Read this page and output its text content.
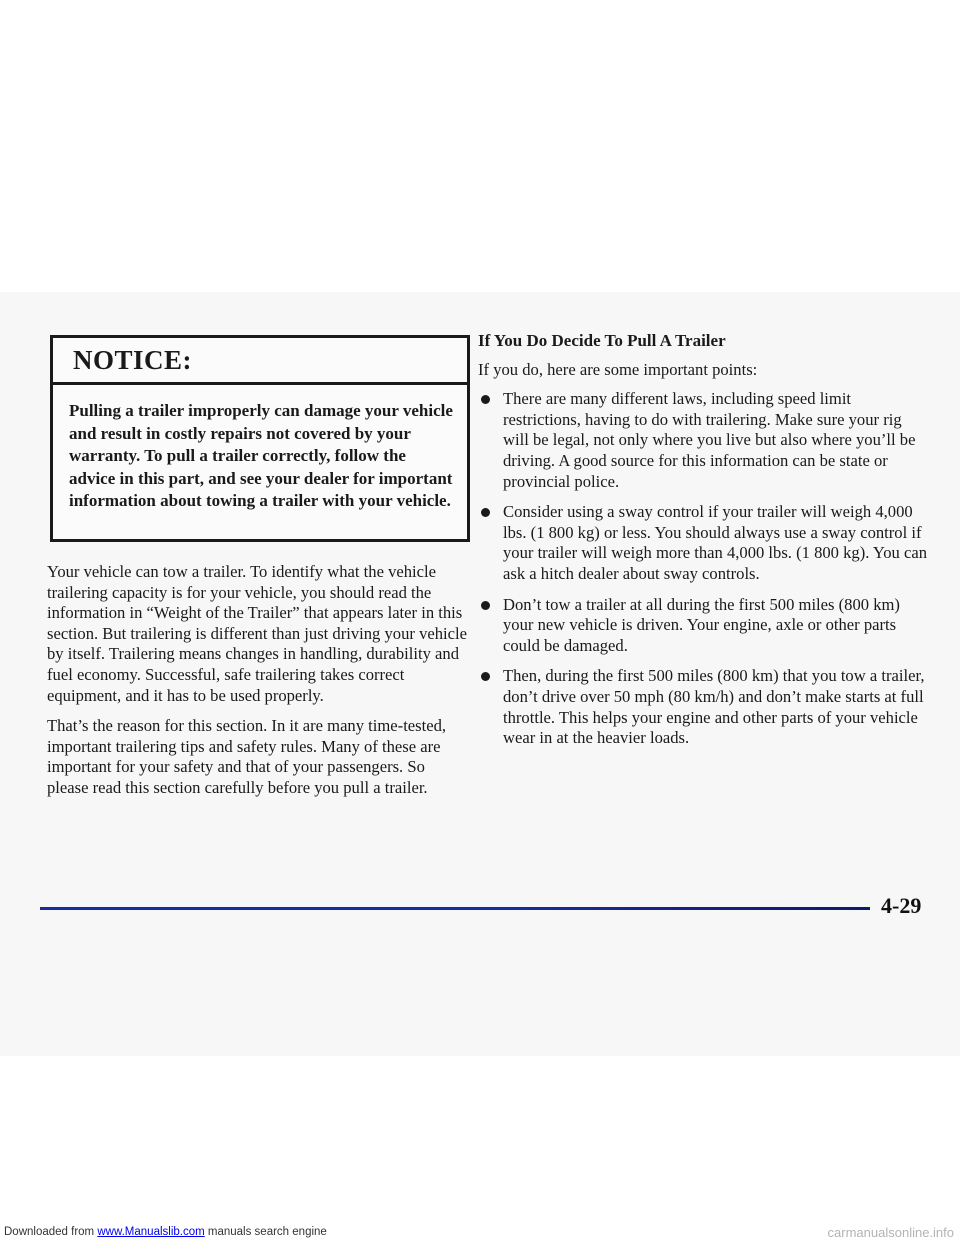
NOTICE:
Pulling a trailer improperly can damage your vehicle and result in costly repairs not covered by your warranty. To pull a trailer correctly, follow the advice in this part, and see your dealer for important information about towing a trailer with your vehicle.

Your vehicle can tow a trailer. To identify what the vehicle trailering capacity is for your vehicle, you should read the information in “Weight of the Trailer” that appears later in this section. But trailering is different than just driving your vehicle by itself. Trailering means changes in handling, durability and fuel economy. Successful, safe trailering takes correct equipment, and it has to be used properly.

That’s the reason for this section. In it are many time-tested, important trailering tips and safety rules. Many of these are important for your safety and that of your passengers. So please read this section carefully before you pull a trailer.

If You Do Decide To Pull A Trailer

If you do, here are some important points:

There are many different laws, including speed limit restrictions, having to do with trailering. Make sure your rig will be legal, not only where you live but also where you’ll be driving. A good source for this information can be state or provincial police.
Consider using a sway control if your trailer will weigh 4,000 lbs. (1 800 kg) or less. You should always use a sway control if your trailer will weigh more than 4,000 lbs. (1 800 kg). You can ask a hitch dealer about sway controls.
Don’t tow a trailer at all during the first 500 miles (800 km) your new vehicle is driven. Your engine, axle or other parts could be damaged.
Then, during the first 500 miles (800 km) that you tow a trailer, don’t drive over 50 mph (80 km/h) and don’t make starts at full throttle. This helps your engine and other parts of your vehicle wear in at the heavier loads.
4-29
Downloaded from www.Manualslib.com manuals search engine	carmanualsonline.info
